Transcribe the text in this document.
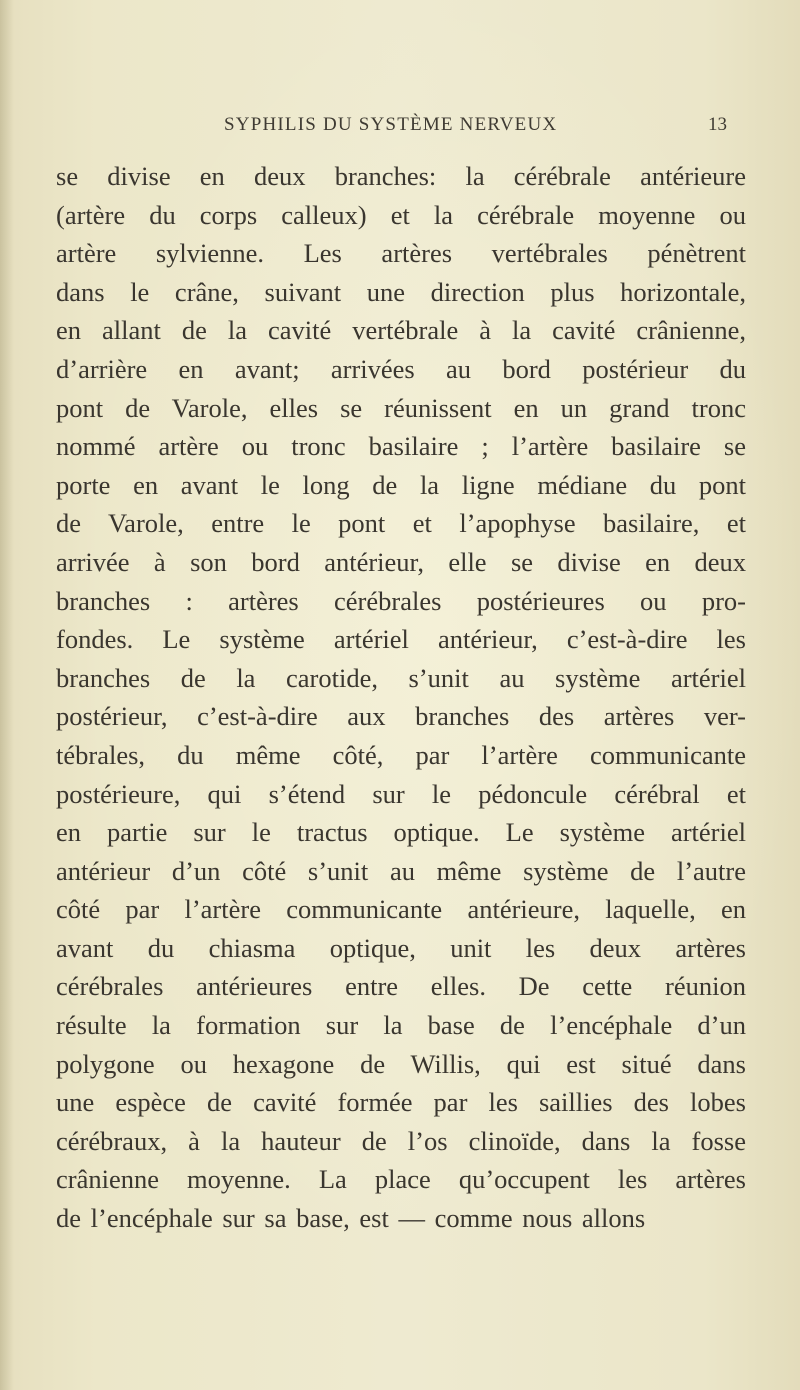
SYPHILIS DU SYSTÈME NERVEUX	13
se divise en deux branches: la cérébrale antérieure
(artère du corps calleux) et la cérébrale moyenne ou
artère sylvienne. Les artères vertébrales pénètrent
dans le crâne, suivant une direction plus horizontale,
en allant de la cavité vertébrale à la cavité crânienne,
d’arrière en avant; arrivées au bord postérieur du
pont de Varole, elles se réunissent en un grand tronc
nommé artère ou tronc basilaire ; l’artère basilaire se
porte en avant le long de la ligne médiane du pont
de Varole, entre le pont et l’apophyse basilaire, et
arrivée à son bord antérieur, elle se divise en deux
branches : artères cérébrales postérieures ou pro-
fondes. Le système artériel antérieur, c’est-à-dire les
branches de la carotide, s’unit au système artériel
postérieur, c’est-à-dire aux branches des artères ver-
tébrales, du même côté, par l’artère communicante
postérieure, qui s’étend sur le pédoncule cérébral et
en partie sur le tractus optique. Le système artériel
antérieur d’un côté s’unit au même système de l’autre
côté par l’artère communicante antérieure, laquelle, en
avant du chiasma optique, unit les deux artères
cérébrales antérieures entre elles. De cette réunion
résulte la formation sur la base de l’encéphale d’un
polygone ou hexagone de Willis, qui est situé dans
une espèce de cavité formée par les saillies des lobes
cérébraux, à la hauteur de l’os clinoïde, dans la fosse
crânienne moyenne. La place qu’occupent les artères
de l’encéphale sur sa base, est — comme nous allons
